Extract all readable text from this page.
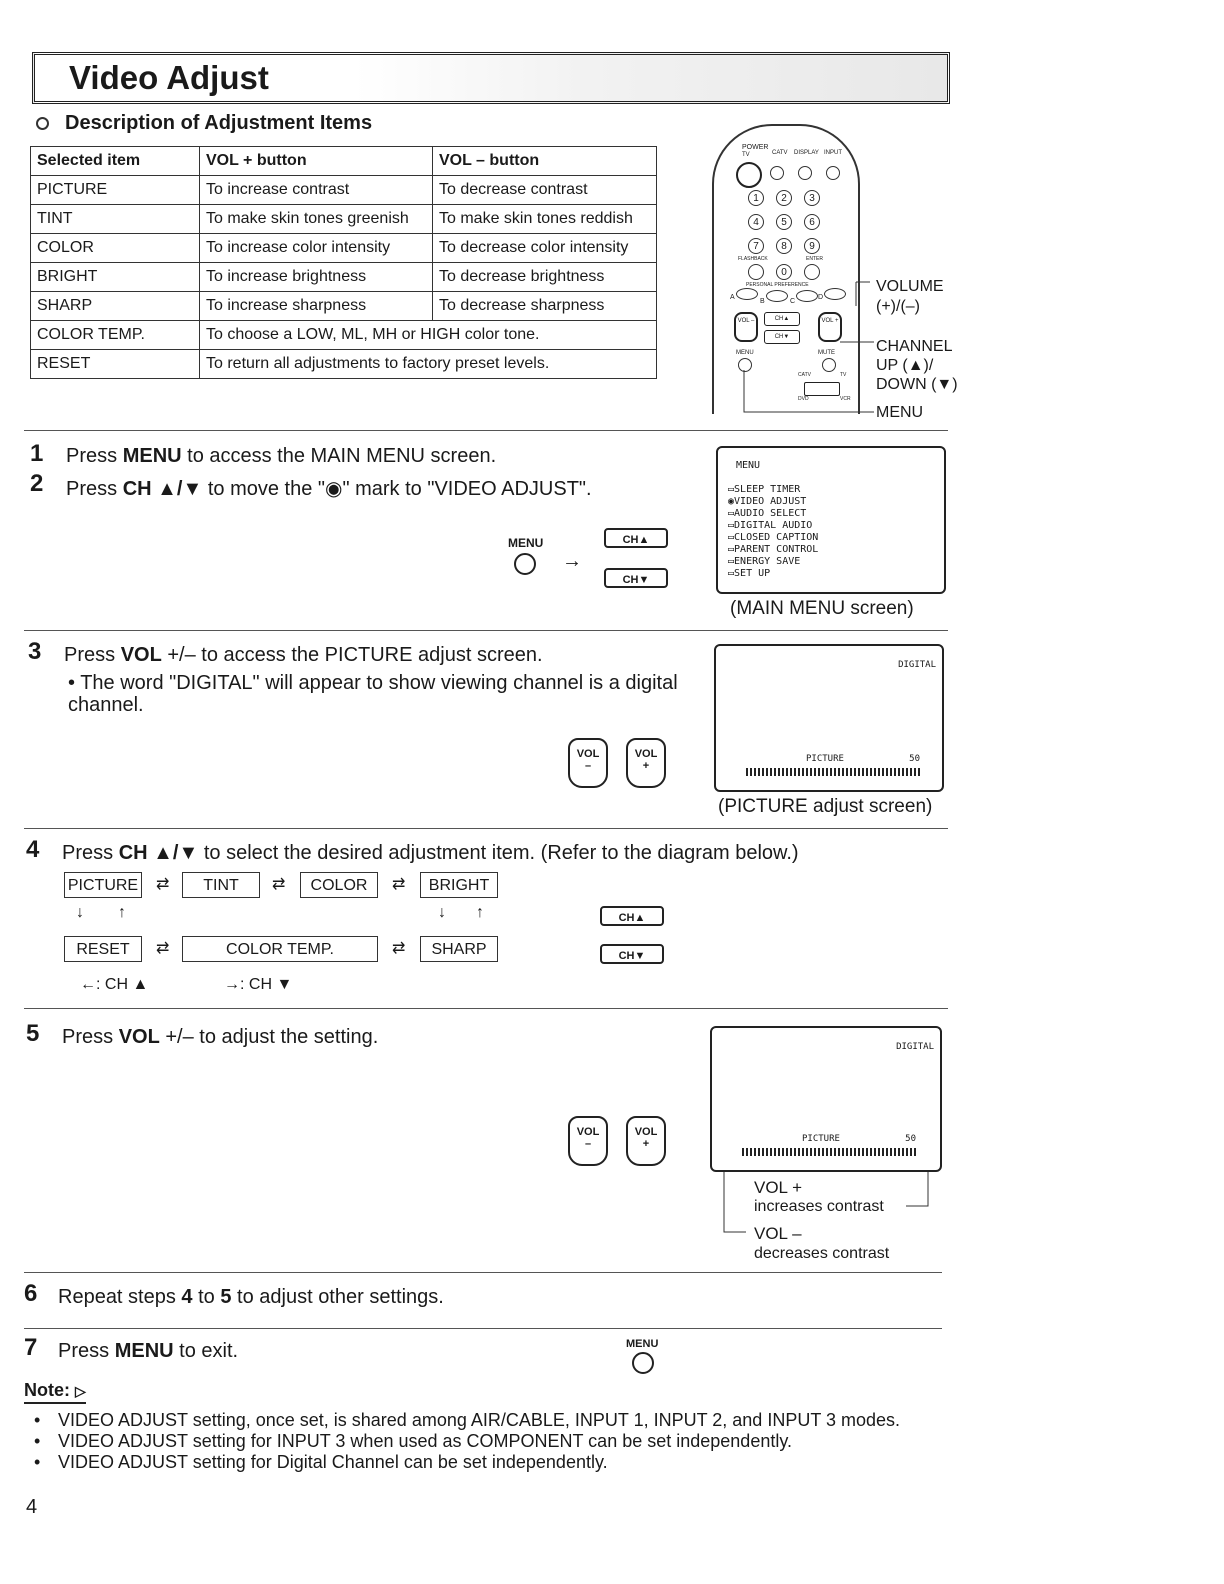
Video Adjust
Description of Adjustment Items
Selected item	VOL + button	VOL – button
PICTURE	To increase contrast	To decrease contrast
TINT	To make skin tones greenish	To make skin tones reddish
COLOR	To increase color intensity	To decrease color intensity
BRIGHT	To increase brightness	To decrease brightness
SHARP	To increase sharpness	To decrease sharpness
COLOR TEMP.	To choose a LOW, ML, MH or HIGH color tone.	
RESET	To return all adjustments to factory preset levels.	
POWER
TV	CATV DISPLAY INPUT
1	2	3
4	5	6
7	8	9
FLASHBACK	ENTER
0
PERSONAL PREFERENCE
A
B	C
D
VOL –	CH▲
CH▼
VOL +
MENU	MUTE
CATV	TV
DVD	VCR
VOLUME
(+)/(–)
CHANNEL
UP (▲)/
DOWN (▼)
MENU
1 Press MENU to access the MAIN MENU screen.
2 Press CH ▲/▼ to move the "◉" mark to "VIDEO ADJUST".
MENU
→
CH▲
CH▼
MENU
▭SLEEP TIMER
◉VIDEO ADJUST
▭AUDIO SELECT
▭DIGITAL AUDIO
▭CLOSED CAPTION
▭PARENT CONTROL
▭ENERGY SAVE
▭SET UP
(MAIN MENU screen)
3 Press VOL +/– to access the PICTURE adjust screen.
• The word "DIGITAL" will appear to show viewing channel is a digital channel.
VOL
–
VOL
+
DIGITAL
PICTURE	50
(PICTURE adjust screen)
4 Press CH ▲/▼ to select the desired adjustment item. (Refer to the diagram below.)
PICTURE ⇄	TINT	⇄	COLOR	⇄	BRIGHT
↓ ↑	↓ ↑
RESET	⇄	COLOR TEMP.	⇄	SHARP
←: CH ▲	→: CH ▼
CH▲
CH▼
5 Press VOL +/– to adjust the setting.
VOL
–
VOL
+
DIGITAL
PICTURE	50
VOL +
increases contrast
VOL –
decreases contrast
6 Repeat steps 4 to 5 to adjust other settings.
7 Press MENU to exit.	MENU
Note: ▷
• VIDEO ADJUST setting, once set, is shared among AIR/CABLE, INPUT 1, INPUT 2, and INPUT 3 modes.
• VIDEO ADJUST setting for INPUT 3 when used as COMPONENT can be set independently.
• VIDEO ADJUST setting for Digital Channel can be set independently.
4
